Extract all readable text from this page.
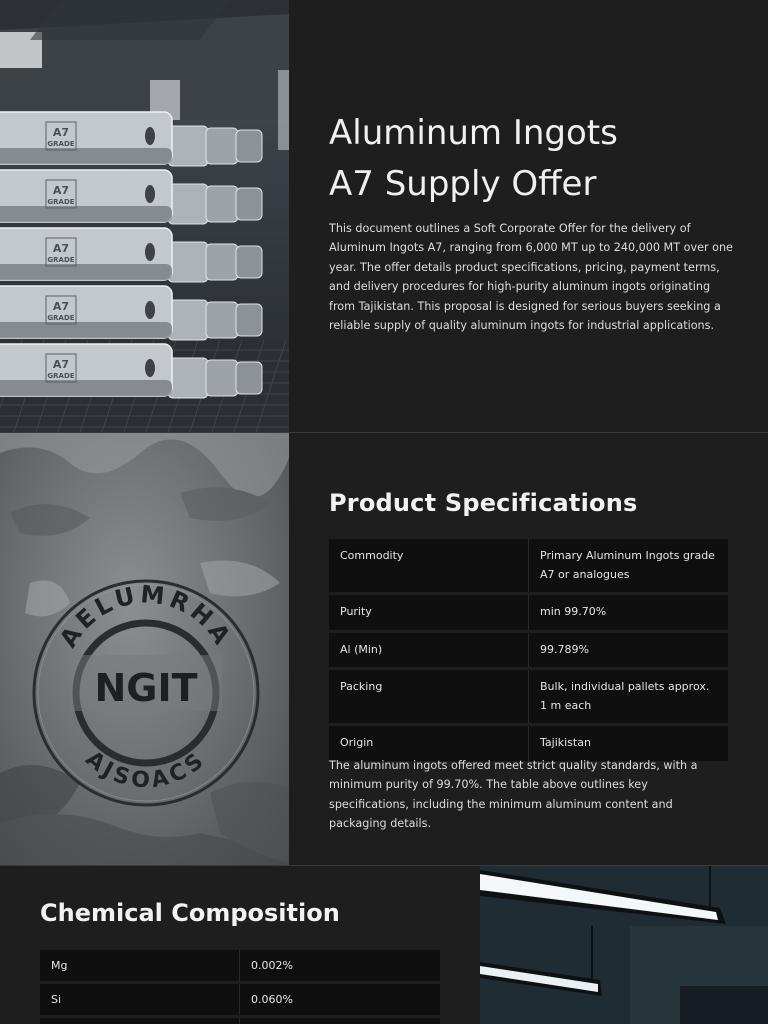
A7
GRADE
A7
GRADE
A7
GRADE
A7
GRADE
A7
GRADE
Aluminum Ingots
A7 Supply Offer

This document outlines a Soft Corporate Offer for the delivery of Aluminum Ingots A7, ranging from 6,000 MT up to 240,000 MT over one year. The offer details product specifications, pricing, payment terms, and delivery procedures for high-purity aluminum ingots originating from Tajikistan. This proposal is designed for serious buyers seeking a reliable supply of quality aluminum ingots for industrial applications.

AELUMRHA
NGIT
AJSOACS
Product Specifications
Commodity	Primary Aluminum Ingots grade A7 or analogues
Purity	min 99.70%
Al (Min)	99.789%
Packing	Bulk, individual pallets approx. 1 m each
Origin	Tajikistan

The aluminum ingots offered meet strict quality standards, with a minimum purity of 99.70%. The table above outlines key specifications, including the minimum aluminum content and packaging details.

Chemical Composition
Mg	0.002%
Si	0.060%
